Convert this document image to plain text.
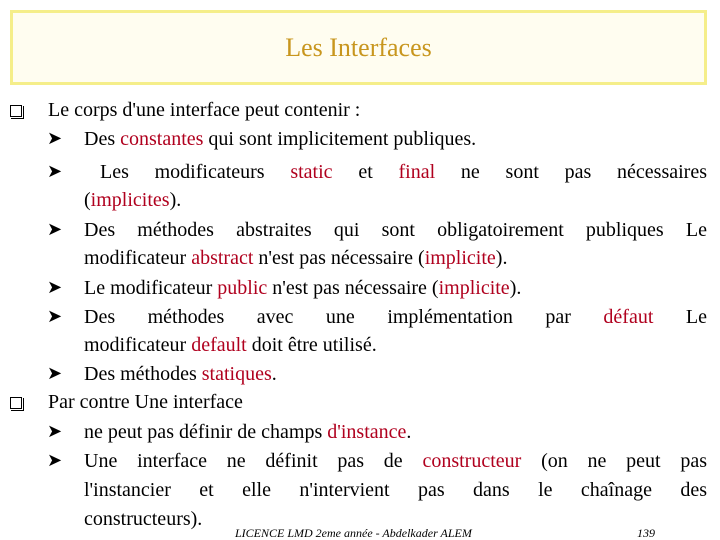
Les Interfaces
Le corps d'une interface peut contenir :
➤ Des constantes qui sont implicitement publiques.
➤ Les modificateurs static et final ne sont pas nécessaires
(implicites).
➤ Des méthodes abstraites qui sont obligatoirement publiques Le
modificateur abstract n'est pas nécessaire (implicite).
➤ Le modificateur public n'est pas nécessaire (implicite).
➤ Des méthodes avec une implémentation par défaut Le
modificateur default doit être utilisé.
➤ Des méthodes statiques.
Par contre Une interface
➤ ne peut pas définir de champs d'instance.
➤ Une interface ne définit pas de constructeur (on ne peut pas
l'instancier et elle n'intervient pas dans le chaînage des
constructeurs).
LICENCE LMD 2eme année - Abdelkader ALEM	139
